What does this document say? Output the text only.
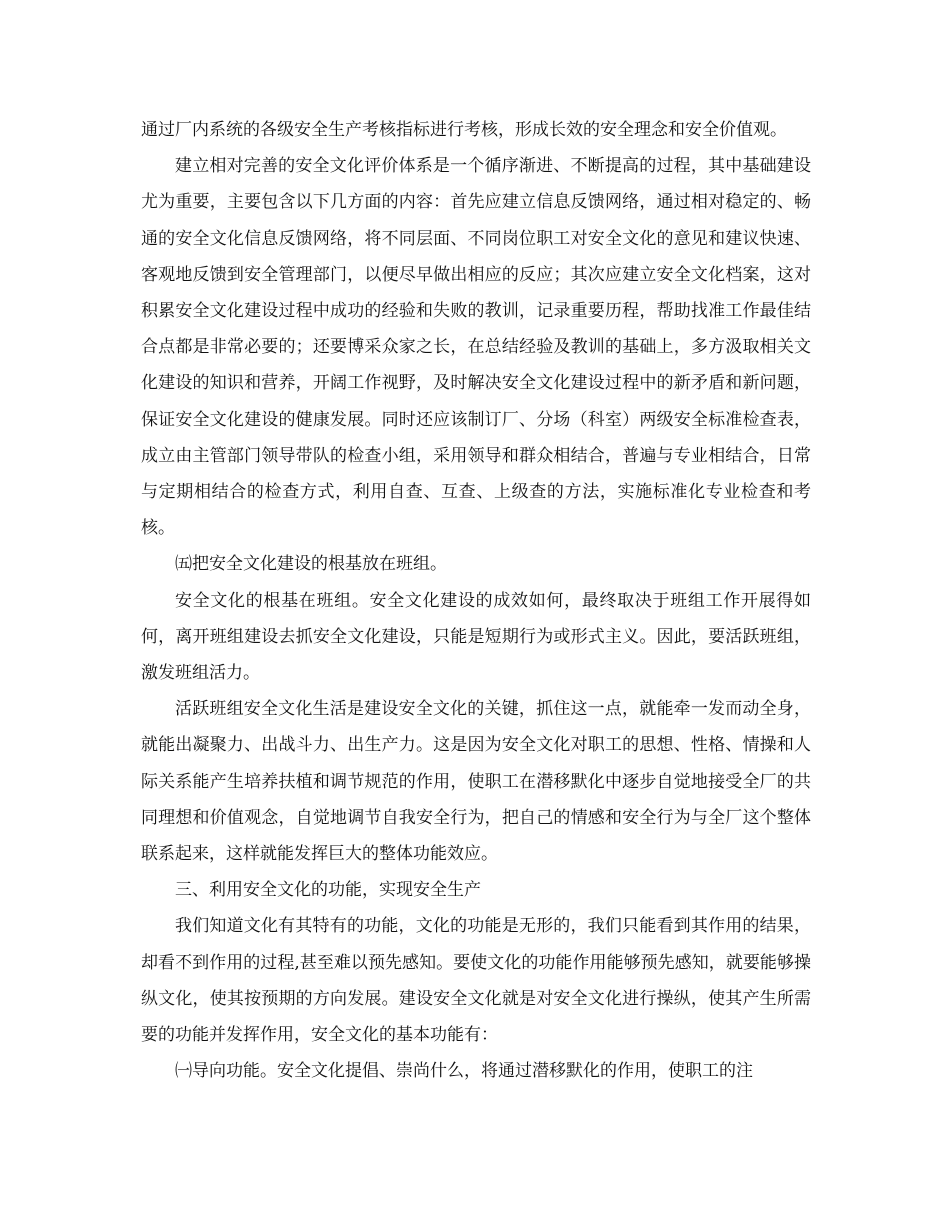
通过厂内系统的各级安全生产考核指标进行考核，形成长效的安全理念和安全价值观。

建立相对完善的安全文化评价体系是一个循序渐进、不断提高的过程，其中基础建设尤为重要，主要包含以下几方面的内容：首先应建立信息反馈网络，通过相对稳定的、畅通的安全文化信息反馈网络，将不同层面、不同岗位职工对安全文化的意见和建议快速、客观地反馈到安全管理部门，以便尽早做出相应的反应；其次应建立安全文化档案，这对积累安全文化建设过程中成功的经验和失败的教训，记录重要历程，帮助找准工作最佳结合点都是非常必要的；还要博采众家之长，在总结经验及教训的基础上，多方汲取相关文化建设的知识和营养，开阔工作视野，及时解决安全文化建设过程中的新矛盾和新问题，保证安全文化建设的健康发展。同时还应该制订厂、分场（科室）两级安全标准检查表，成立由主管部门领导带队的检查小组，采用领导和群众相结合，普遍与专业相结合，日常与定期相结合的检查方式，利用自查、互查、上级查的方法，实施标准化专业检查和考核。

㈤把安全文化建设的根基放在班组。

安全文化的根基在班组。安全文化建设的成效如何，最终取决于班组工作开展得如何，离开班组建设去抓安全文化建设，只能是短期行为或形式主义。因此，要活跃班组，激发班组活力。

活跃班组安全文化生活是建设安全文化的关键，抓住这一点，就能牵一发而动全身，就能出凝聚力、出战斗力、出生产力。这是因为安全文化对职工的思想、性格、情操和人际关系能产生培养扶植和调节规范的作用，使职工在潜移默化中逐步自觉地接受全厂的共同理想和价值观念，自觉地调节自我安全行为，把自己的情感和安全行为与全厂这个整体联系起来，这样就能发挥巨大的整体功能效应。

三、利用安全文化的功能，实现安全生产

我们知道文化有其特有的功能，文化的功能是无形的，我们只能看到其作用的结果，却看不到作用的过程,甚至难以预先感知。要使文化的功能作用能够预先感知，就要能够操纵文化，使其按预期的方向发展。建设安全文化就是对安全文化进行操纵，使其产生所需要的功能并发挥作用，安全文化的基本功能有：

㈠导向功能。安全文化提倡、崇尚什么，将通过潜移默化的作用，使职工的注
